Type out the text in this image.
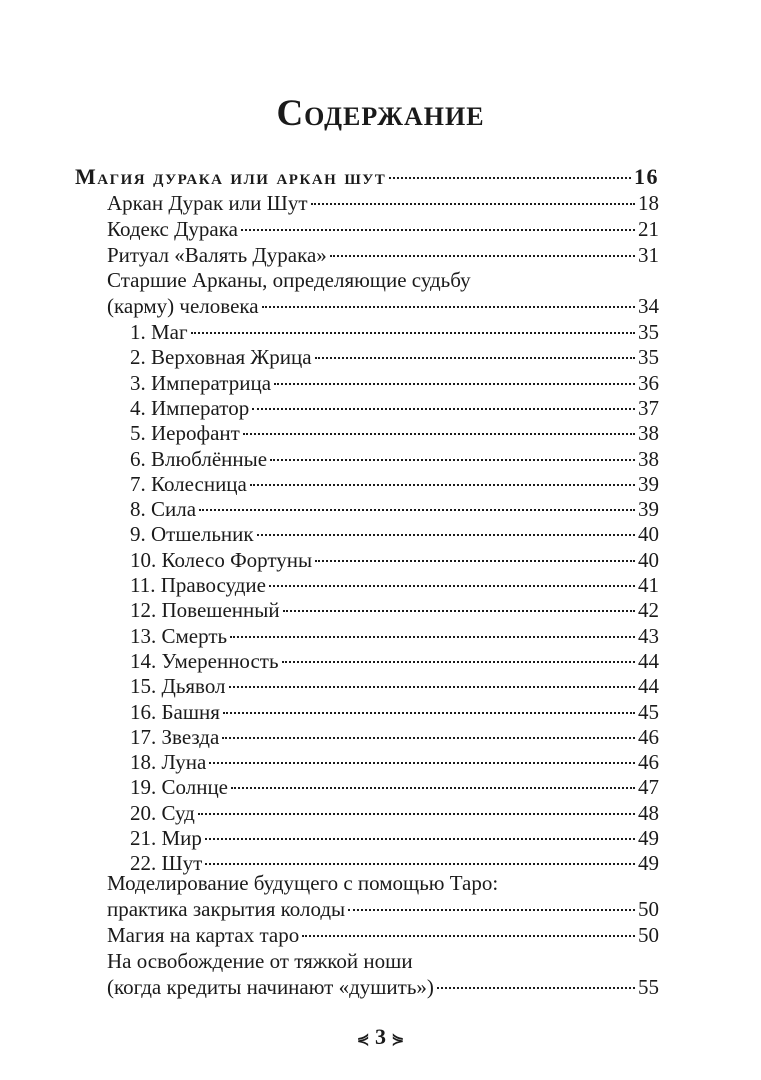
Содержание
Магия дурака или аркан шут	16
Аркан Дурак или Шут	18
Кодекс Дурака	21
Ритуал «Валять Дурака»	31
Старшие Арканы, определяющие судьбу
(карму) человека	34
1. Маг	35
2. Верховная Жрица	35
3. Императрица	36
4. Император	37
5. Иерофант	38
6. Влюблённые	38
7. Колесница	39
8. Сила	39
9. Отшельник	40
10. Колесо Фортуны	40
11. Правосудие	41
12. Повешенный	42
13. Смерть	43
14. Умеренность	44
15. Дьявол	44
16. Башня	45
17. Звезда	46
18. Луна	46
19. Солнце	47
20. Суд	48
21. Мир	49
22. Шут	49
Моделирование будущего с помощью Таро:
практика закрытия колоды	50
Магия на картах таро	50
На освобождение от тяжкой ноши
(когда кредиты начинают «душить»)	55
⋞ 3 ⋟
